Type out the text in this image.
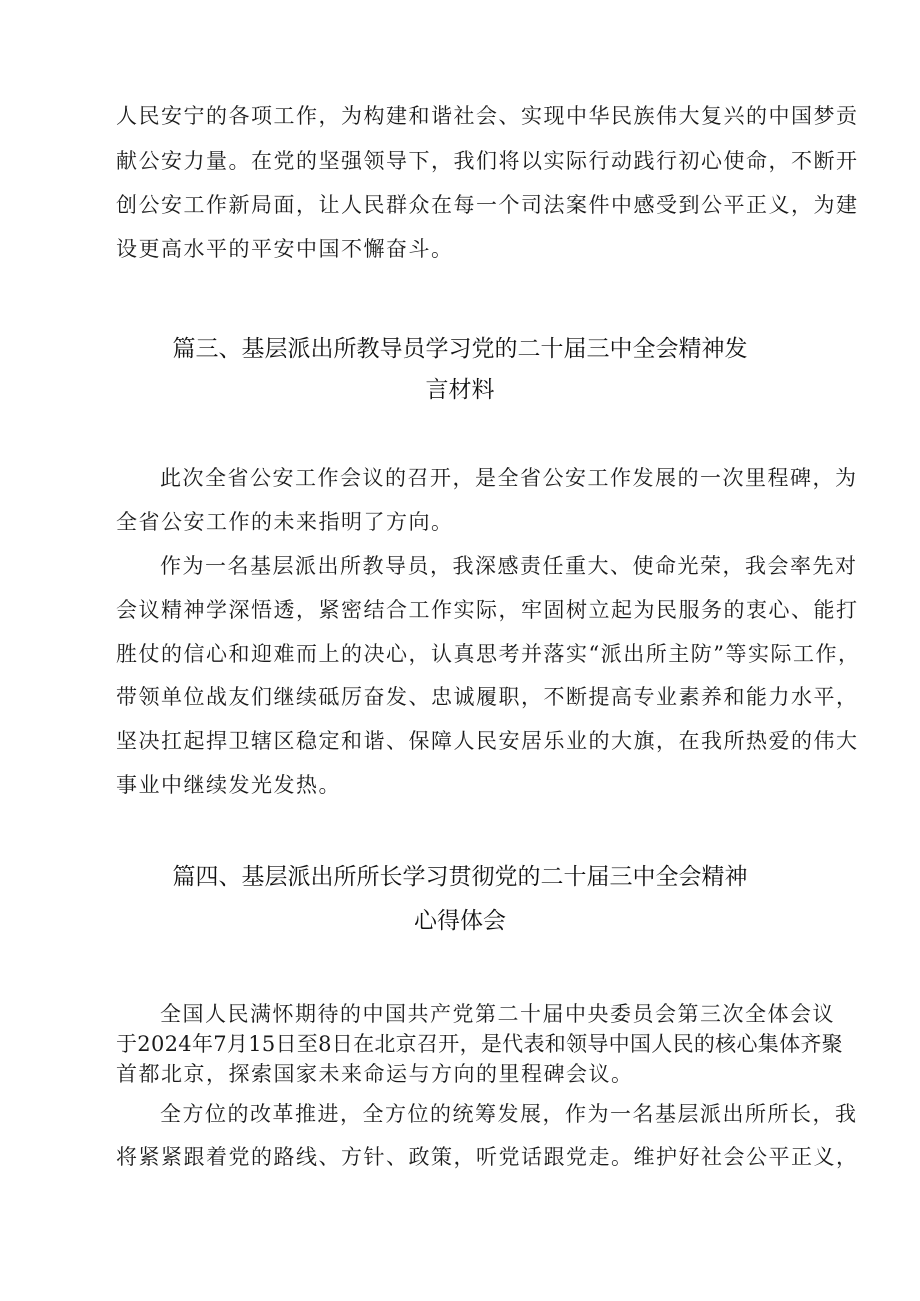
人民安宁的各项工作，为构建和谐社会、实现中华民族伟大复兴的中国梦贡
献公安力量。在党的坚强领导下，我们将以实际行动践行初心使命，不断开
创公安工作新局面，让人民群众在每一个司法案件中感受到公平正义，为建
设更高水平的平安中国不懈奋斗。
篇三、基层派出所教导员学习党的二十届三中全会精神发
言材料
此次全省公安工作会议的召开，是全省公安工作发展的一次里程碑，为
全省公安工作的未来指明了方向。
作为一名基层派出所教导员，我深感责任重大、使命光荣，我会率先对
会议精神学深悟透，紧密结合工作实际，牢固树立起为民服务的衷心、能打
胜仗的信心和迎难而上的决心，认真思考并落实“派出所主防”等实际工作，
带领单位战友们继续砥厉奋发、忠诚履职，不断提高专业素养和能力水平，
坚决扛起捍卫辖区稳定和谐、保障人民安居乐业的大旗，在我所热爱的伟大
事业中继续发光发热。
篇四、基层派出所所长学习贯彻党的二十届三中全会精神
心得体会
全国人民满怀期待的中国共产党第二十届中央委员会第三次全体会议
于2024年7月15日至8日在北京召开，是代表和领导中国人民的核心集体齐聚
首都北京，探索国家未来命运与方向的里程碑会议。
全方位的改革推进，全方位的统筹发展，作为一名基层派出所所长，我
将紧紧跟着党的路线、方针、政策，听党话跟党走。维护好社会公平正义，
